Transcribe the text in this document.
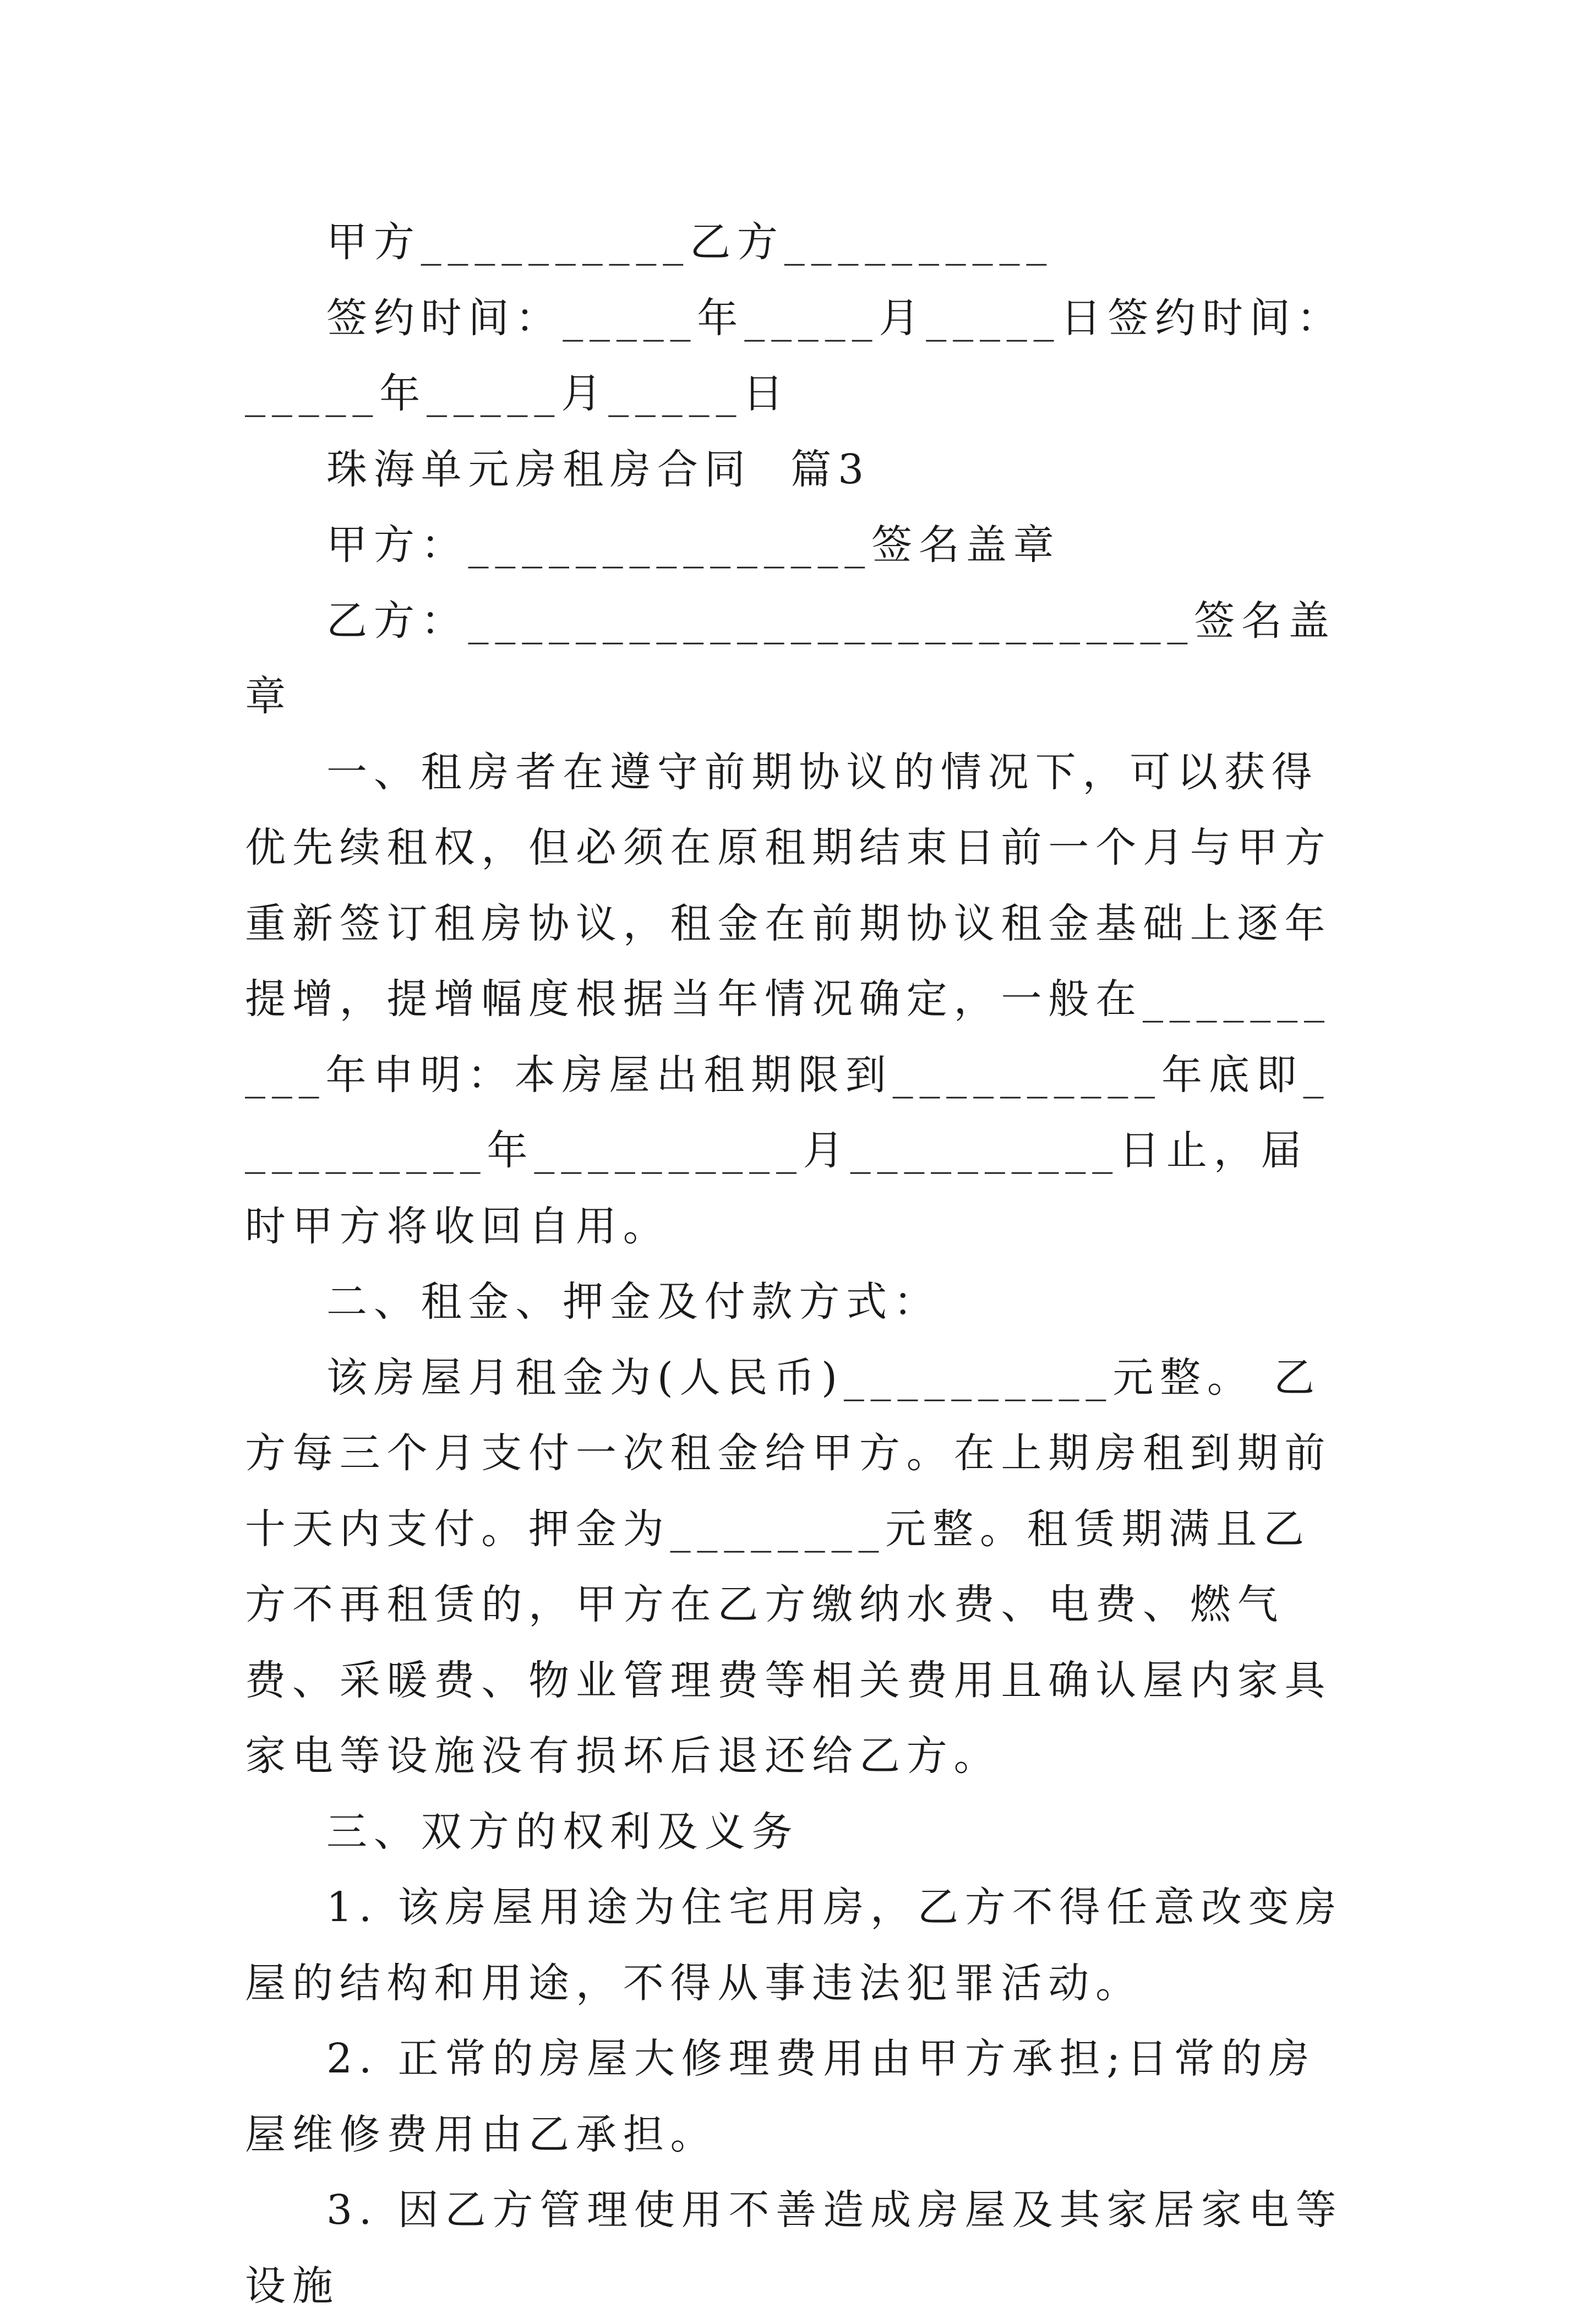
甲方__________乙方__________

签约时间：_____年_____月_____日签约时间：_____年_____月_____日

珠海单元房租房合同  篇3

甲方：_______________签名盖章

乙方：___________________________签名盖章

一、租房者在遵守前期协议的情况下，可以获得优先续租权，但必须在原租期结束日前一个月与甲方重新签订租房协议，租金在前期协议租金基础上逐年提增，提增幅度根据当年情况确定，一般在__________年申明：本房屋出租期限到__________年底即__________年__________月__________日止，届时甲方将收回自用。

二、租金、押金及付款方式：

该房屋月租金为(人民币)__________元整。 乙方每三个月支付一次租金给甲方。在上期房租到期前十天内支付。押金为________元整。租赁期满且乙方不再租赁的，甲方在乙方缴纳水费、电费、燃气费、采暖费、物业管理费等相关费用且确认屋内家具家电等设施没有损坏后退还给乙方。

三、双方的权利及义务

1. 该房屋用途为住宅用房，乙方不得任意改变房屋的结构和用途，不得从事违法犯罪活动。

2. 正常的房屋大修理费用由甲方承担;日常的房屋维修费用由乙承担。

3. 因乙方管理使用不善造成房屋及其家居家电等设施
